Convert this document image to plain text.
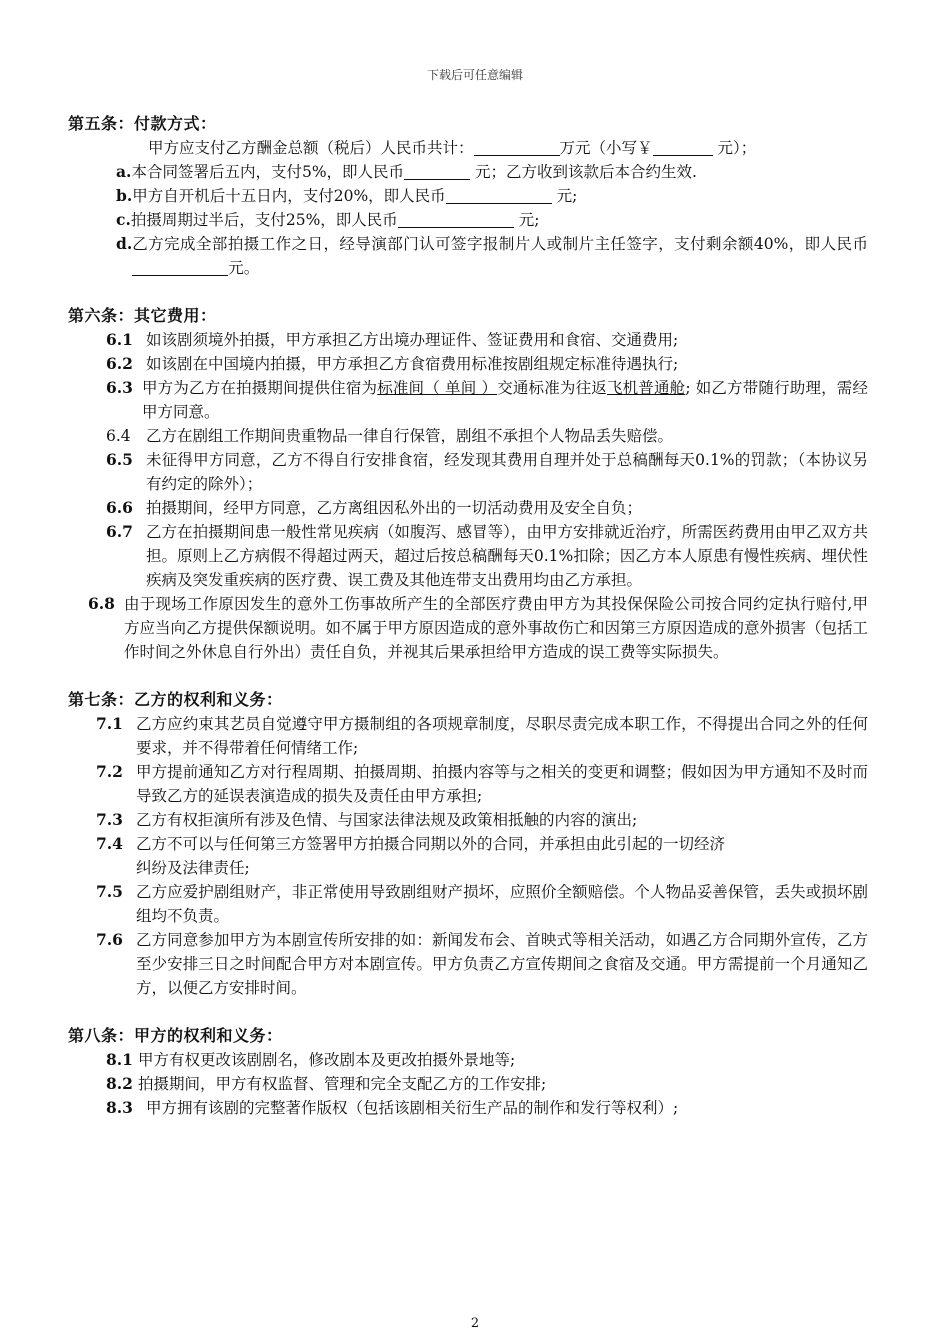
下载后可任意编辑

第五条：付款方式：

甲方应支付乙方酬金总额（税后）人民币共计：	万元（小写￥	元）；
a. 本合同签署后五内，支付5%，即人民币	元；乙方收到该款后本合约生效.
b. 甲方自开机后十五日内，支付20%，即人民币	元;
c. 拍摄周期过半后，支付25%，即人民币	元;
d. 乙方完成全部拍摄工作之日，经导演部门认可签字报制片人或制片主任签字，支付剩余额40%，即人民币元。

第六条：其它费用：

6.1 如该剧须境外拍摄，甲方承担乙方出境办理证件、签证费用和食宿、交通费用;
6.2 如该剧在中国境内拍摄，甲方承担乙方食宿费用标准按剧组规定标准待遇执行;
6.3 甲方为乙方在拍摄期间提供住宿为标准间（ 单间 ）交通标准为往返飞机普通舱; 如乙方带随行助理，需经甲方同意。
6.4 乙方在剧组工作期间贵重物品一律自行保管，剧组不承担个人物品丢失赔偿。
6.5 未征得甲方同意，乙方不得自行安排食宿，经发现其费用自理并处于总稿酬每天0.1%的罚款；（本协议另有约定的除外）；
6.6 拍摄期间，经甲方同意，乙方离组因私外出的一切活动费用及安全自负；
6.7 乙方在拍摄期间患一般性常见疾病（如腹泻、感冒等），由甲方安排就近治疗，所需医药费用由甲乙双方共担。原则上乙方病假不得超过两天，超过后按总稿酬每天0.1%扣除；因乙方本人原患有慢性疾病、埋伏性疾病及突发重疾病的医疗费、误工费及其他连带支出费用均由乙方承担。
6.8 由于现场工作原因发生的意外工伤事故所产生的全部医疗费由甲方为其投保保险公司按合同约定执行赔付,甲方应当向乙方提供保额说明。如不属于甲方原因造成的意外事故伤亡和因第三方原因造成的意外损害（包括工作时间之外休息自行外出）责任自负，并视其后果承担给甲方造成的误工费等实际损失。

第七条：乙方的权利和义务：

7.1 乙方应约束其艺员自觉遵守甲方摄制组的各项规章制度，尽职尽责完成本职工作，不得提出合同之外的任何要求，并不得带着任何情绪工作;
7.2 甲方提前通知乙方对行程周期、拍摄周期、拍摄内容等与之相关的变更和调整；假如因为甲方通知不及时而导致乙方的延误表演造成的损失及责任由甲方承担;
7.3 乙方有权拒演所有涉及色情、与国家法律法规及政策相抵触的内容的演出;
7.4 乙方不可以与任何第三方签署甲方拍摄合同期以外的合同，并承担由此引起的一切经济
纠纷及法律责任;
7.5 乙方应爱护剧组财产，非正常使用导致剧组财产损坏，应照价全额赔偿。个人物品妥善保管，丢失或损坏剧组均不负责。
7.6 乙方同意参加甲方为本剧宣传所安排的如：新闻发布会、首映式等相关活动，如遇乙方合同期外宣传，乙方至少安排三日之时间配合甲方对本剧宣传。甲方负责乙方宣传期间之食宿及交通。甲方需提前一个月通知乙方，以便乙方安排时间。

第八条：甲方的权利和义务：

8.1 甲方有权更改该剧剧名，修改剧本及更改拍摄外景地等;
8.2 拍摄期间，甲方有权监督、管理和完全支配乙方的工作安排;
8.3 甲方拥有该剧的完整著作版权（包括该剧相关衍生产品的制作和发行等权利）;
2
